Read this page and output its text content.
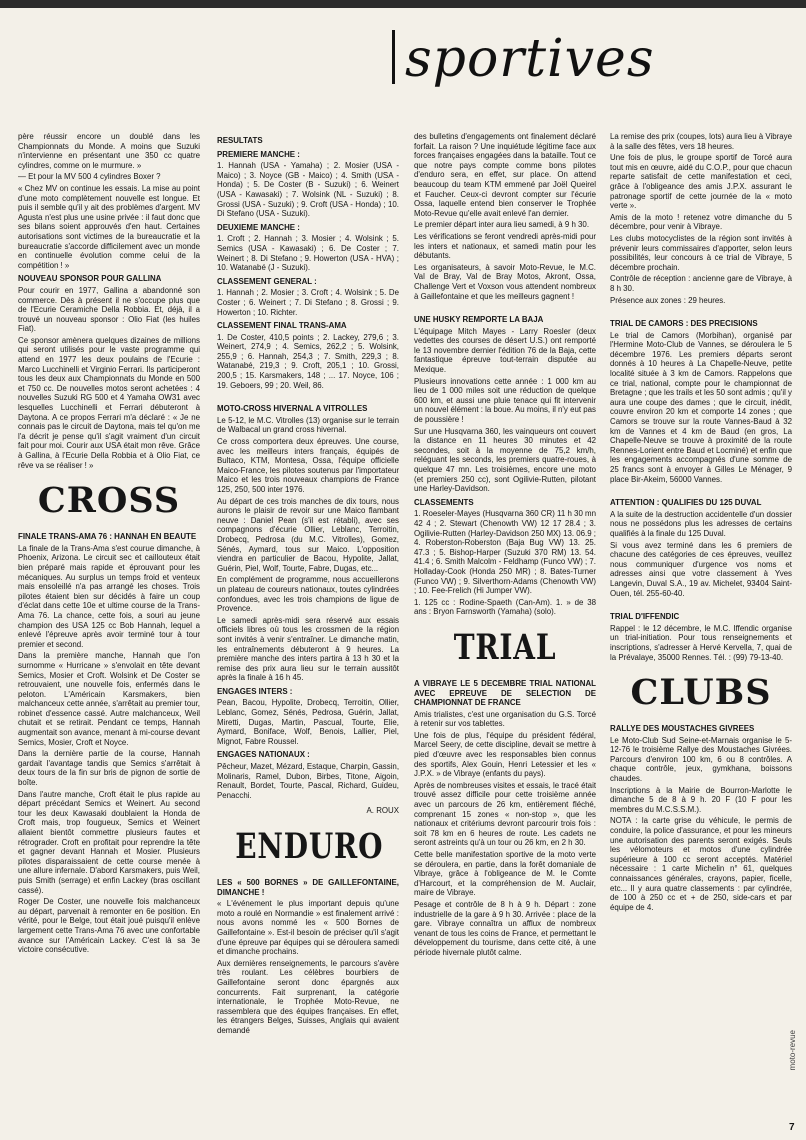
sportives

père réussir encore un doublé dans les Championnats du Monde. A moins que Suzuki n'intervienne en présentant une 350 cc quatre cylindres, comme on le murmure. »

— Et pour la MV 500 4 cylindres Boxer ?

« Chez MV on continue les essais. La mise au point d'une moto complètement nouvelle est longue. Et puis il semble qu'il y ait des problèmes d'argent. MV Agusta n'est plus une usine privée : il faut donc que ses bilans soient approuvés d'en haut. Certaines autorisations sont victimes de la bureaucratie et la bureaucratie s'accorde difficilement avec un monde en continuelle évolution comme celui de la compétition ! »

NOUVEAU SPONSOR POUR GALLINA

Pour courir en 1977, Gallina a abandonné son commerce. Dès à présent il ne s'occupe plus que de l'Ecurie Ceramiche Della Robbia. Et, déjà, il a trouvé un nouveau sponsor : Olio Fiat (les huiles Fiat).

Ce sponsor amènera quelques dizaines de millions qui seront utilisés pour le vaste programme qui attend en 1977 les deux poulains de l'Ecurie : Marco Lucchinelli et Virginio Ferrari. Ils participeront tous les deux aux Championnats du Monde en 500 et 750 cc. De nouvelles motos seront achetées : 4 nouvelles Suzuki RG 500 et 4 Yamaha OW31 avec lesquelles Lucchinelli et Ferrari débuteront à Daytona. A ce propos Ferrari m'a déclaré : « Je ne connais pas le circuit de Daytona, mais tel qu'on me l'a décrit je pense qu'il s'agit vraiment d'un circuit fait pour moi. Courir aux USA était mon rêve. Grâce à Gallina, à l'Ecurie Della Robbia et à Olio Fiat, ce rêve va se réaliser ! »

CROSS

FINALE TRANS-AMA 76 : HANNAH EN BEAUTE

La finale de la Trans-Ama s'est courue dimanche, à Phoenix, Arizona. Le circuit sec et caillouteux était bien préparé mais rapide et éprouvant pour les mécaniques. Au surplus un temps froid et venteux mais ensoleillé n'a pas arrangé les choses. Trois pilotes étaient bien sur décidés à faire un coup d'éclat dans cette 10e et ultime course de la Trans-Ama 76. La chance, cette fois, a souri au jeune champion des USA 125 cc Bob Hannah, lequel a enlevé l'épreuve après avoir terminé tour à tour premier et second.

Dans la première manche, Hannah que l'on surnomme « Hurricane » s'envolait en tête devant Semics, Mosier et Croft. Wolsink et De Coster se retrouvaient, une nouvelle fois, enfermés dans le peloton. L'Américain Karsmakers, bien malchanceux cette année, s'arrêtait au premier tour, robinet d'essence cassé. Autre malchanceux, Weil chutait et se retirait. Pendant ce temps, Hannah augmentait son avance, menant à mi-course devant Semics, Mosier, Croft et Noyce.

Dans la dernière partie de la course, Hannah gardait l'avantage tandis que Semics s'arrêtait à deux tours de la fin sur bris de pignon de sortie de boîte.

Dans l'autre manche, Croft était le plus rapide au départ précédant Semics et Weinert. Au second tour les deux Kawasaki doublaient la Honda de Croft mais, trop fougueux, Semics et Weinert allaient bientôt commettre plusieurs fautes et rétrograder. Croft en profitait pour reprendre la tête et gagner devant Hannah et Mosier. Plusieurs pilotes disparaissaient de cette course menée à une allure infernale. D'abord Karsmakers, puis Weil, puis Smith (serrage) et enfin Lackey (bras oscillant cassé).

Roger De Coster, une nouvelle fois malchanceux au départ, parvenait à remonter en 6e position. En vérité, pour le Belge, tout était joué puisqu'il enlève largement cette Trans-Ama 76 avec une confortable avance sur l'Américain Lackey. C'est là sa 3e victoire consécutive.

RESULTATS

PREMIERE MANCHE :

1. Hannah (USA - Yamaha) ; 2. Mosier (USA - Maico) ; 3. Noyce (GB - Maico) ; 4. Smith (USA - Honda) ; 5. De Coster (B - Suzuki) ; 6. Weinert (USA - Kawasaki) ; 7. Wolsink (NL - Suzuki) ; 8. Grossi (USA - Suzuki) ; 9. Croft (USA - Honda) ; 10. Di Stefano (USA - Suzuki).

DEUXIEME MANCHE :

1. Croft ; 2. Hannah ; 3. Mosier ; 4. Wolsink ; 5. Semics (USA - Kawasaki) ; 6. De Coster ; 7. Weinert ; 8. Di Stefano ; 9. Howerton (USA - HVA) ; 10. Watanabé (J - Suzuki).

CLASSEMENT GENERAL :

1. Hannah ; 2. Mosier ; 3. Croft ; 4. Wolsink ; 5. De Coster ; 6. Weinert ; 7. Di Stefano ; 8. Grossi ; 9. Howerton ; 10. Richter.

CLASSEMENT FINAL TRANS-AMA

1. De Coster, 410,5 points ; 2. Lackey, 279,6 ; 3. Weinert, 274,9 ; 4. Semics, 262,2 ; 5. Wolsink, 255,9 ; 6. Hannah, 254,3 ; 7. Smith, 229,3 ; 8. Watanabé, 219,3 ; 9. Croft, 205,1 ; 10. Grossi, 200,5 ; 15. Karsmakers, 148 ; ... 17. Noyce, 106 ; 19. Geboers, 99 ; 20. Weil, 86.

MOTO-CROSS HIVERNAL A VITROLLES

Le 5-12, le M.C. Vitrolles (13) organise sur le terrain de Walbacal un grand cross hivernal.

Ce cross comportera deux épreuves. Une course, avec les meilleurs inters français, équipés de Bultaco, KTM, Montesa, Ossa, l'équipe officielle Maico-France, les pilotes soutenus par l'importateur Maico et les trois nouveaux champions de France 125, 250, 500 inter 1976.

Au départ de ces trois manches de dix tours, nous aurons le plaisir de revoir sur une Maico flambant neuve : Daniel Pean (s'il est rétabli), avec ses compagnons d'écurie Ollier, Leblanc, Terroitin, Drobecq, Pedrosa (du M.C. Vitrolles), Gomez, Sénés, Aymard, tous sur Maico. L'opposition viendra en particulier de Bacou, Hypolite, Jallat, Guérin, Piel, Wolf, Tourte, Fabre, Dugas, etc...

En complément de programme, nous accueillerons un plateau de coureurs nationaux, toutes cylindrées confondues, avec les trois champions de ligue de Provence.

Le samedi après-midi sera réservé aux essais officiels libres où tous les crossmen de la région sont invités à venir s'entraîner. Le dimanche matin, les entraînements débuteront à 9 heures. La première manche des inters partira à 13 h 30 et la remise des prix aura lieu sur le terrain aussitôt après la finale à 16 h 45.

ENGAGES INTERS :

Pean, Bacou, Hypolite, Drobecq, Terroitin, Ollier, Leblanc, Gomez, Sénés, Pedrosa, Guérin, Jallat, Miretti, Dugas, Martin, Pascual, Tourte, Elie, Aymard, Boniface, Wolf, Benois, Lallier, Piel, Mignot, Fabre Roussel.

ENGAGES NATIONAUX :

Pêcheur, Mazet, Mézard, Estaque, Charpin, Gassin, Molinaris, Ramel, Dubon, Birbes, Titone, Aigoin, Renault, Bordet, Tourte, Pascal, Richard, Guideu, Penacchi.

A. ROUX

ENDURO

LES « 500 BORNES » DE GAILLEFONTAINE, DIMANCHE !

« L'événement le plus important depuis qu'une moto a roulé en Normandie » est finalement arrivé : nous avons nommé les « 500 Bornes de Gaillefontaine ». Est-il besoin de préciser qu'il s'agit d'une épreuve par équipes qui se déroulera samedi et dimanche prochains.

Aux dernières renseignements, le parcours s'avère très roulant. Les célèbres bourbiers de Gaillefontaine seront donc épargnés aux concurrents. Fait surprenant, la catégorie internationale, le Trophée Moto-Revue, ne rassemblera que des équipes françaises. En effet, les étrangers Belges, Suisses, Anglais qui avaient demandé

des bulletins d'engagements ont finalement déclaré forfait. La raison ? Une inquiétude légitime face aux forces françaises engagées dans la bataille. Tout ce que notre pays compte comme bons pilotes d'enduro sera, en effet, sur place. On attend beaucoup du team KTM emmené par Joël Queirel et Faucher. Ceux-ci devront compter sur l'écurie Ossa, laquelle entend bien conserver le Trophée Moto-Revue qu'elle avait enlevé l'an dernier.

Le premier départ inter aura lieu samedi, à 9 h 30.

Les vérifications se feront vendredi après-midi pour les inters et nationaux, et samedi matin pour les débutants.

Les organisateurs, à savoir Moto-Revue, le M.C. Val de Bray, Val de Bray Motos, Akront, Ossa, Challenge Vert et Voxson vous attendent nombreux à Gaillefontaine et que les meilleurs gagnent !

UNE HUSKY REMPORTE LA BAJA

L'équipage Mitch Mayes - Larry Roesler (deux vedettes des courses de désert U.S.) ont remporté le 13 novembre dernier l'édition 76 de la Baja, cette fantastique épreuve tout-terrain disputée au Mexique.

Plusieurs innovations cette année : 1 000 km au lieu de 1 000 miles soit une réduction de quelque 600 km, et aussi une pluie tenace qui fit intervenir un nouvel élément : la boue. Au moins, il n'y eut pas de poussière !

Sur une Husqvarna 360, les vainqueurs ont couvert la distance en 11 heures 30 minutes et 42 secondes, soit à la moyenne de 75,2 km/h, reléguant les seconds, les premiers quatre-roues, à quelque 47 mn. Les troisièmes, encore une moto (et premiers 250 cc), sont Ogilivie-Rutten, pilotant une Harley-Davidson.

CLASSEMENTS

1. Roeseler-Mayes (Husqvarna 360 CR) 11 h 30 mn 42 4 ; 2. Stewart (Chenowth VW) 12 17 28.4 ; 3. Ogilivie-Rutten (Harley-Davidson 250 MX) 13. 06.9 ; 4. Roberston-Roberston (Baja Bug VW) 13. 25. 47.3 ; 5. Bishop-Harper (Suzuki 370 RM) 13. 54. 41.4 ; 6. Smith Malcolm - Feldhamp (Funco VW) ; 7. Holladay-Cook (Honda 250 MR) ; 8. Bates-Turner (Funco VW) ; 9. Silverthorn-Adams (Chenowth VW) ; 10. Fee-Frelich (Hi Jumper VW).

1. 125 cc : Rodine-Spaeth (Can-Am). 1. » de 38 ans : Bryon Farnsworth (Yamaha) (solo).

TRIAL

A VIBRAYE LE 5 DECEMBRE TRIAL NATIONAL AVEC EPREUVE DE SELECTION DE CHAMPIONNAT DE FRANCE

Amis trialistes, c'est une organisation du G.S. Torcé à retenir sur vos tablettes.

Une fois de plus, l'équipe du président fédéral, Marcel Seery, de cette discipline, devait se mettre à pied d'œuvre avec les responsables bien connus des sportifs, Alex Gouin, Henri Letessier et les « J.P.X. » de Vibraye (enfants du pays).

Après de nombreuses visites et essais, le tracé était trouvé assez difficile pour cette troisième année avec un parcours de 26 km, entièrement fléché, comprenant 15 zones « non-stop », que les nationaux et critériums devront parcourir trois fois : soit 78 km en 6 heures de route. Les cadets ne seront astreints qu'à un tour ou 26 km, en 2 h 30.

Cette belle manifestation sportive de la moto verte se déroulera, en partie, dans la forêt domaniale de Vibraye, grâce à l'obligeance de M. le Comte d'Harcourt, et la compréhension de M. Auclair, maire de Vibraye.

Pesage et contrôle de 8 h à 9 h. Départ : zone industrielle de la gare à 9 h 30. Arrivée : place de la gare. Vibraye connaîtra un afflux de nombreux venant de tous les coins de France, et permettant le développement du tourisme, dans cette cité, à une période hivernale plutôt calme.

La remise des prix (coupes, lots) aura lieu à Vibraye à la salle des fêtes, vers 18 heures.

Une fois de plus, le groupe sportif de Torcé aura tout mis en œuvre, aidé du C.O.P., pour que chacun reparte satisfait de cette manifestation et ceci, grâce à l'obligeance des amis J.P.X. assurant le patronage sportif de cette journée de la « moto verte ».

Amis de la moto ! retenez votre dimanche du 5 décembre, pour venir à Vibraye.

Les clubs motocyclistes de la région sont invités à prévenir leurs commissaires d'apporter, selon leurs possibilités, leur concours à ce trial de Vibraye, 5 décembre prochain.

Contrôle de réception : ancienne gare de Vibraye, à 8 h 30.

Présence aux zones : 29 heures.

TRIAL DE CAMORS : DES PRECISIONS

Le trial de Camors (Morbihan), organisé par l'Hermine Moto-Club de Vannes, se déroulera le 5 décembre 1976. Les premiers départs seront donnés à 10 heures à La Chapelle-Neuve, petite localité située à 3 km de Camors. Rappelons que ce trial, national, compte pour le championnat de Bretagne ; que les trails et les 50 sont admis ; qu'il y aura une coupe des dames ; que le circuit, inédit, couvre environ 20 km et comporte 14 zones ; que Camors se trouve sur la route Vannes-Baud à 32 km de Vannes et 4 km de Baud (en gros, La Chapelle-Neuve se trouve à proximité de la route Rennes-Lorient entre Baud et Locminé) et enfin que les engagements accompagnés d'une somme de 25 francs sont à envoyer à Gilles Le Ménager, 9 place Bir-Akeim, 56000 Vannes.

ATTENTION : QUALIFIES DU 125 DUVAL

A la suite de la destruction accidentelle d'un dossier nous ne possédons plus les adresses de certains qualifiés à la finale du 125 Duval.

Si vous avez terminé dans les 6 premiers de chacune des catégories de ces épreuves, veuillez nous communiquer d'urgence vos noms et adresses ainsi que votre classement à Yves Langevin, Duval S.A., 19 av. Michelet, 93404 Saint-Ouen, tél. 255-60-40.

TRIAL D'IFFENDIC

Rappel : le 12 décembre, le M.C. Iffendic organise un trial-initiation. Pour tous renseignements et inscriptions, s'adresser à Hervé Kervella, 7, quai de la Prévalaye, 35000 Rennes. Tél. : (99) 79-13-40.

CLUBS

RALLYE DES MOUSTACHES GIVREES

Le Moto-Club Sud Seine-et-Marnais organise le 5-12-76 le troisième Rallye des Moustaches Givrées. Parcours d'environ 100 km, 6 ou 8 contrôles. A chaque contrôle, jeux, gymkhana, boissons chaudes.

Inscriptions à la Mairie de Bourron-Marlotte le dimanche 5 de 8 à 9 h. 20 F (10 F pour les membres du M.C.S.S.M.).

NOTA : la carte grise du véhicule, le permis de conduire, la police d'assurance, et pour les mineurs une autorisation des parents seront exigés. Seuls les vélomoteurs et motos d'une cylindrée supérieure à 100 cc seront acceptés. Matériel nécessaire : 1 carte Michelin n° 61, quelques connaissances générales, crayons, papier, ficelle, etc... Il y aura quatre classements : par cylindrée, de 100 à 250 cc et + de 250, side-cars et par équipe de 4.

moto-revue
7
